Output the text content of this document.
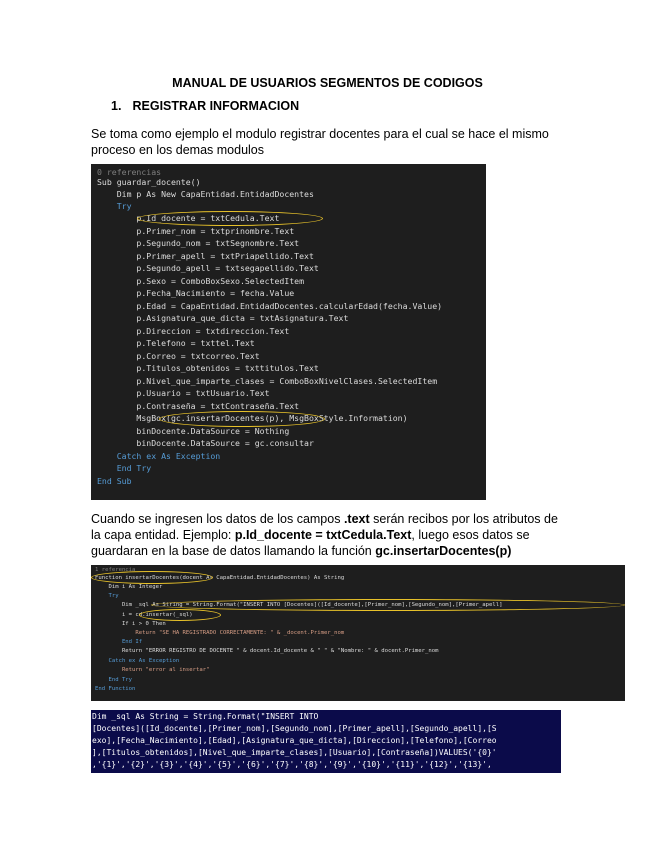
MANUAL DE USUARIOS SEGMENTOS DE CODIGOS
1. REGISTRAR INFORMACION
Se toma como ejemplo el modulo registrar docentes para el cual se hace el mismo proceso en los demas modulos
0 referencias
Sub guardar_docente()
Dim p As New CapaEntidad.EntidadDocentes
Try
p.Id_docente = txtCedula.Text
p.Primer_nom = txtprinombre.Text
p.Segundo_nom = txtSegnombre.Text
p.Primer_apell = txtPriapellido.Text
p.Segundo_apell = txtsegapellido.Text
p.Sexo = ComboBoxSexo.SelectedItem
p.Fecha_Nacimiento = fecha.Value
p.Edad = CapaEntidad.EntidadDocentes.calcularEdad(fecha.Value)
p.Asignatura_que_dicta = txtAsignatura.Text
p.Direccion = txtdireccion.Text
p.Telefono = txttel.Text
p.Correo = txtcorreo.Text
p.Titulos_obtenidos = txttitulos.Text
p.Nivel_que_imparte_clases = ComboBoxNivelClases.SelectedItem
p.Usuario = txtUsuario.Text
p.Contraseña = txtContraseña.Text
MsgBox(gc.insertarDocentes(p), MsgBoxStyle.Information)
binDocente.DataSource = Nothing
binDocente.DataSource = gc.consultar
Catch ex As Exception
End Try
End Sub
Cuando se ingresen los datos de los campos .text serán recibos por los atributos de la capa entidad. Ejemplo: p.Id_docente = txtCedula.Text, luego esos datos se guardaran en la base de datos llamando la función gc.insertarDocentes(p)
1 referencia
Function insertarDocentes(docent As CapaEntidad.EntidadDocentes) As String
Dim i As Integer
Try
Dim _sql As String = String.Format("INSERT INTO [Docentes]([Id_docente],[Primer_nom],[Segundo_nom],[Primer_apell]
i = cd.insertar(_sql)
If i > 0 Then
Return "SE HA REGISTRADO CORRECTAMENTE: " & _docent.Primer_nom
End If
Return "ERROR REGISTRO DE DOCENTE " & docent.Id_docente & " " & "Nombre: " & docent.Primer_nom
Catch ex As Exception
Return "error al insertar"
End Try
End Function
Dim _sql As String = String.Format("INSERT INTO
[Docentes]([Id_docente],[Primer_nom],[Segundo_nom],[Primer_apell],[Segundo_apell],[S
exo],[Fecha_Nacimiento],[Edad],[Asignatura_que_dicta],[Direccion],[Telefono],[Correo
],[Titulos_obtenidos],[Nivel_que_imparte_clases],[Usuario],[Contraseña])VALUES('{0}'
,'{1}','{2}','{3}','{4}','{5}','{6}','{7}','{8}','{9}','{10}','{11}','{12}','{13}',
